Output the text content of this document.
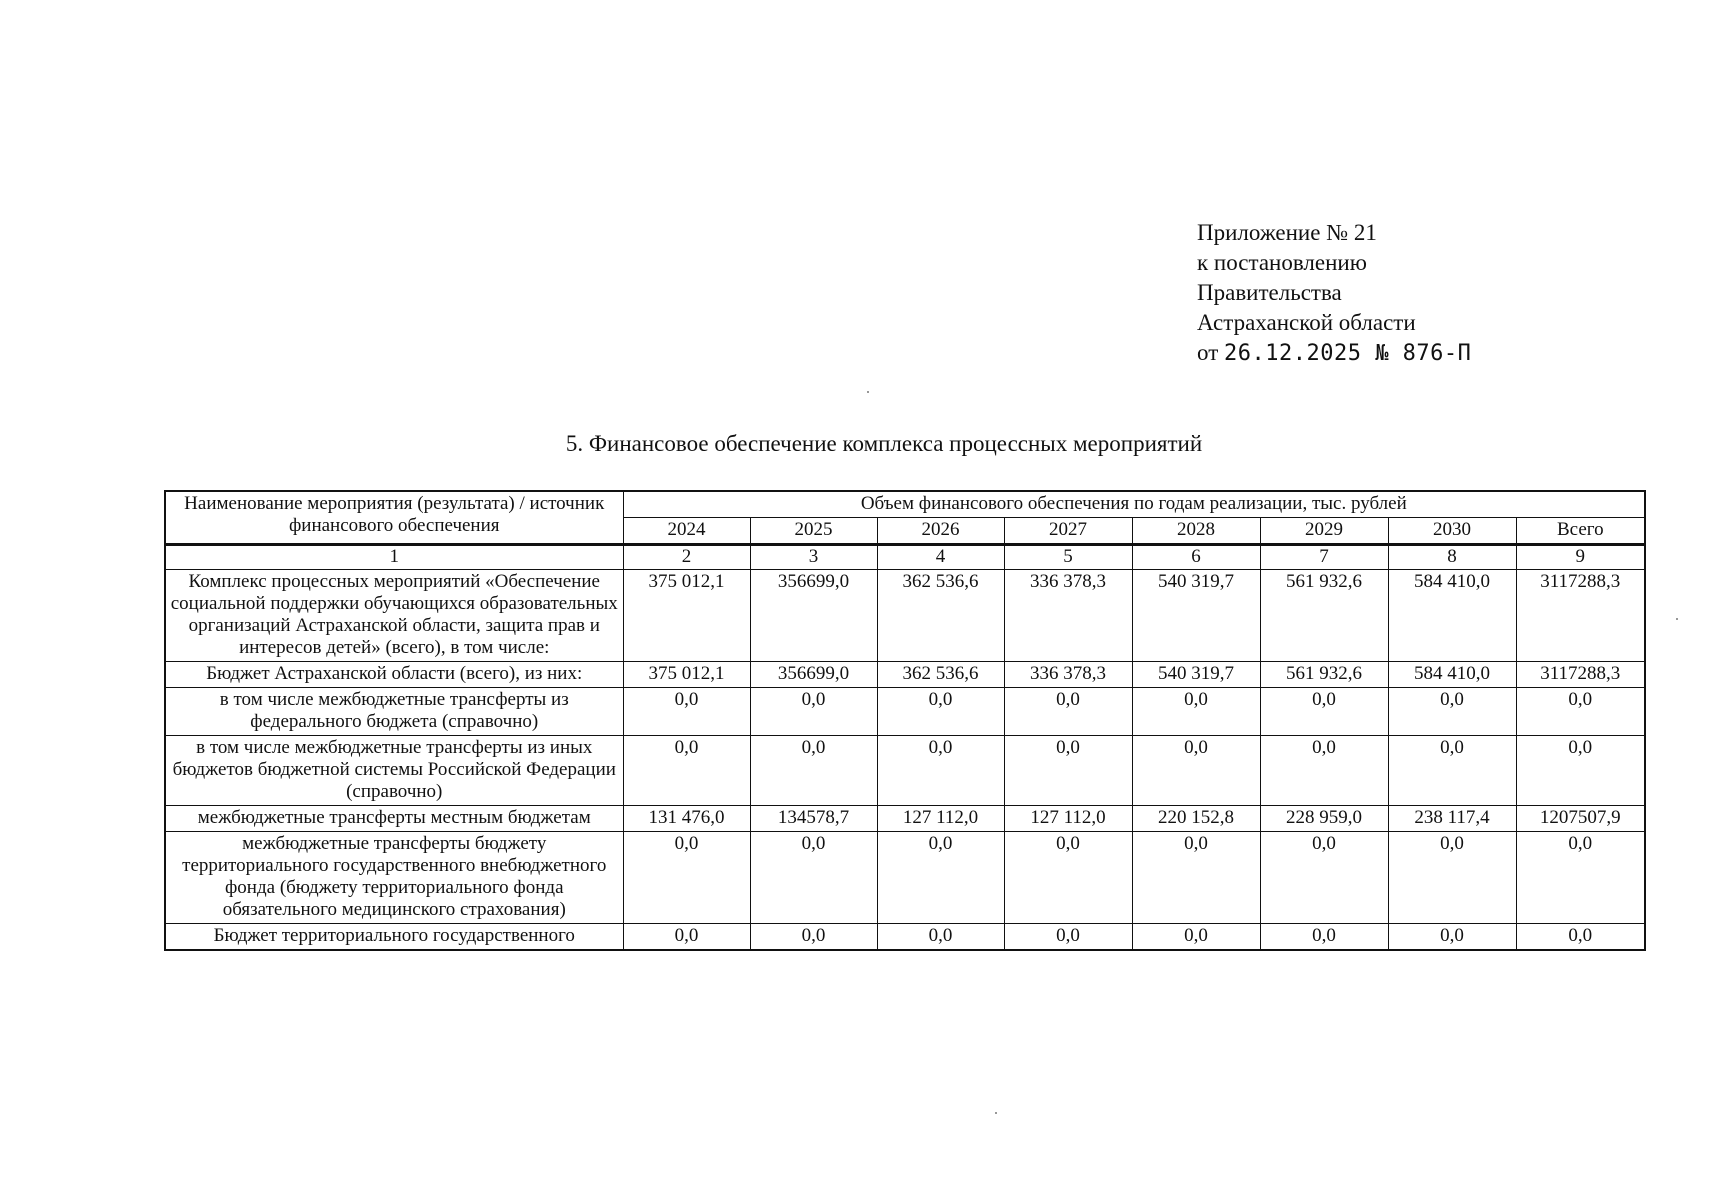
Приложение № 21
к постановлению
Правительства
Астраханской области
от 26.12.2025 № 876-П
5. Финансовое обеспечение комплекса процессных мероприятий
Наименование мероприятия (результата) / источник финансового обеспечения	Объем финансового обеспечения по годам реализации, тыс. рублей							
	2024	2025	2026	2027	2028	2029	2030	Всего
1	2	3	4	5	6	7	8	9
Комплекс процессных мероприятий «Обеспечение социальной поддержки обучающихся образовательных организаций Астраханской области, защита прав и интересов детей» (всего), в том числе:	375 012,1	356699,0	362 536,6	336 378,3	540 319,7	561 932,6	584 410,0	3117288,3
Бюджет Астраханской области (всего), из них:	375 012,1	356699,0	362 536,6	336 378,3	540 319,7	561 932,6	584 410,0	3117288,3
в том числе межбюджетные трансферты из федерального бюджета (справочно)	0,0	0,0	0,0	0,0	0,0	0,0	0,0	0,0
в том числе межбюджетные трансферты из иных бюджетов бюджетной системы Российской Федерации (справочно)	0,0	0,0	0,0	0,0	0,0	0,0	0,0	0,0
межбюджетные трансферты местным бюджетам	131 476,0	134578,7	127 112,0	127 112,0	220 152,8	228 959,0	238 117,4	1207507,9
межбюджетные трансферты бюджету территориального государственного внебюджетного фонда (бюджету территориального фонда обязательного медицинского страхования)	0,0	0,0	0,0	0,0	0,0	0,0	0,0	0,0
Бюджет территориального государственного	0,0	0,0	0,0	0,0	0,0	0,0	0,0	0,0
